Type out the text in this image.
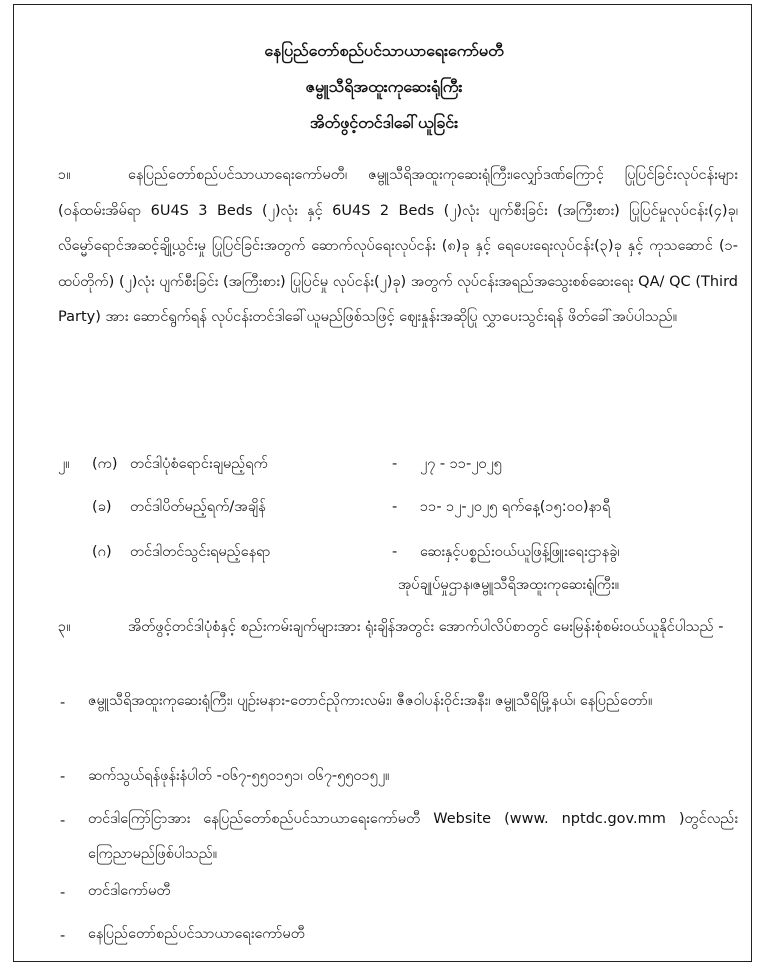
နေပြည်တော်စည်ပင်သာယာရေးကော်မတီ
ဇမ္ဗူသီရိအထူးကုဆေးရုံကြီး
အိတ်ဖွင့်တင်ဒါခေါ်ယူခြင်း
၁။	နေပြည်တော်စည်ပင်သာယာရေးကော်မတီ၊ ဇမ္ဗူသီရိအထူးကုဆေးရုံကြီး၊လျှော်ဒဏ်ကြောင့် ပြုပြင်ခြင်းလုပ်ငန်းများ (ဝန်ထမ်းအိမ်ရာ 6U4S 3 Beds (၂)လုံး နှင့် 6U4S 2 Beds (၂)လုံး ပျက်စီးခြင်း (အကြီးစား) ပြုပြင်မှုလုပ်ငန်း(၄)ခု၊ လိမ္မော်ရောင်အဆင့်ချို့ယွင်းမှု ပြုပြင်ခြင်းအတွက် ဆောက်လုပ်ရေးလုပ်ငန်း (၈)ခု နှင့် ရေပေးရေးလုပ်ငန်း(၃)ခု နှင့် ကုသဆောင် (၁-ထပ်တိုက်) (၂)လုံး ပျက်စီးခြင်း (အကြီးစား) ပြုပြင်မှု လုပ်ငန်း(၂)ခု) အတွက် လုပ်ငန်းအရည်အသွေးစစ်ဆေးရေး QA/ QC (Third Party) အား ဆောင်ရွက်ရန် လုပ်ငန်းတင်ဒါခေါ်ယူမည်ဖြစ်သဖြင့် ဈေးနှုန်းအဆိုပြု လွှာပေးသွင်းရန် ဖိတ်ခေါ်အပ်ပါသည်။
၂။ (က) တင်ဒါပုံစံရောင်းချမည့်ရက်	- ၂၇ - ၁၁-၂၀၂၅
(ခ) တင်ဒါပိတ်မည့်ရက်/အချိန်	- ၁၁- ၁၂-၂၀၂၅ ရက်နေ့(၁၅:၀၀)နာရီ
(ဂ) တင်ဒါတင်သွင်းရမည့်နေရာ	- ဆေးနှင့်ပစ္စည်းဝယ်ယူဖြန့်ဖြူးရေးဌာနခွဲ၊
အုပ်ချုပ်မှုဌာန၊ဇမ္ဗူသီရိအထူးကုဆေးရုံကြီး။
၃။	အိတ်ဖွင့်တင်ဒါပုံစံနှင့် စည်းကမ်းချက်များအား ရုံးချိန်အတွင်း အောက်ပါလိပ်စာတွင် မေးမြန်းစုံစမ်းဝယ်ယူနိုင်ပါသည် -
- ဇမ္ဗူသီရိအထူးကုဆေးရုံကြီး၊ ပျဉ်းမနား-တောင်ညိုကားလမ်း၊ ဇီဇဝါပန်းဝိုင်းအနီး၊ ဇမ္ဗူသီရိမြို့နယ်၊ နေပြည်တော်။
- ဆက်သွယ်ရန်ဖုန်းနံပါတ် -၀၆၇-၅၅၀၁၅၁၊ ၀၆၇-၅၅၀၁၅၂။
- တင်ဒါကြော်ငြာအား နေပြည်တော်စည်ပင်သာယာရေးကော်မတီ Website (www. nptdc.gov.mm )တွင်လည်း ကြေညာမည်ဖြစ်ပါသည်။
- တင်ဒါကော်မတီ
- နေပြည်တော်စည်ပင်သာယာရေးကော်မတီ
